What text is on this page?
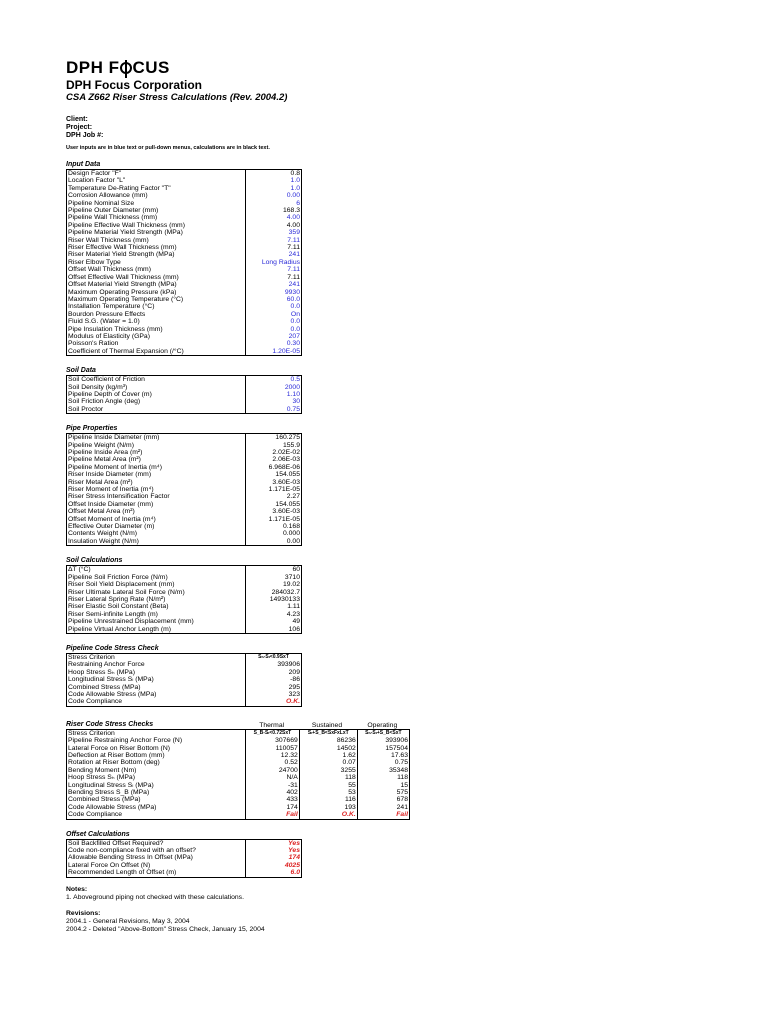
DPH F CUS
DPH Focus Corporation
CSA Z662 Riser Stress Calculations (Rev. 2004.2)
Client:
Project:
DPH Job #:
User inputs are in blue text or pull-down menus, calculations are in black text.
Input Data
Design Factor "F"	0.8
Location Factor "L"	1.0
Temperature De-Rating Factor "T"	1.0
Corrosion Allowance (mm)	0.00
Pipeline Nominal Size	6
Pipeline Outer Diameter (mm)	168.3
Pipeline Wall Thickness (mm)	4.00
Pipeline Effective Wall Thickness (mm)	4.00
Pipeline Material Yield Strength (MPa)	359
Riser Wall Thickness (mm)	7.11
Riser Effective Wall Thickness (mm)	7.11
Riser Material Yield Strength (MPa)	241
Riser Elbow Type	Long Radius
Offset Wall Thickness (mm)	7.11
Offset Effective Wall Thickness (mm)	7.11
Offset Material Yield Strength (MPa)	241
Maximum Operating Pressure (kPa)	9930
Maximum Operating Temperature (°C)	60.0
Installation Temperature (°C)	0.0
Bourdon Pressure Effects	On
Fluid S.G. (Water = 1.0)	0.0
Pipe Insulation Thickness (mm)	0.0
Modulus of Elasticity (GPa)	207
Poisson's Ration	0.30
Coefficient of Thermal Expansion (/°C)	1.20E-05
Soil Data
Soil Coefficient of Friction	0.5
Soil Density (kg/m³)	2000
Pipeline Depth of Cover (m)	1.10
Soil Friction Angle (deg)	30
Soil Proctor	0.75
Pipe Properties
Pipeline Inside Diameter (mm)	160.275
Pipeline Weight (N/m)	155.9
Pipeline Inside Area (m²)	2.02E-02
Pipeline Metal Area (m²)	2.06E-03
Pipeline Moment of Inertia (m⁴)	6.968E-06
Riser Inside Diameter (mm)	154.055
Riser Metal Area (m²)	3.60E-03
Riser Moment of Inertia (m⁴)	1.171E-05
Riser Stress Intensification Factor	2.27
Offset Inside Diameter (mm)	154.055
Offset Metal Area (m²)	3.60E-03
Offset Moment of Inertia (m⁴)	1.171E-05
Effective Outer Diameter (m)	0.168
Contents Weight (N/m)	0.000
Insulation Weight (N/m)	0.00
Soil Calculations
ΔT (°C)	60
Pipeline Soil Friction Force (N/m)	3710
Riser Soil Yield Displacement (mm)	19.02
Riser Ultimate Lateral Soil Force (N/m)	284032.7
Riser Lateral Spring Rate (N/m²)	14930133
Riser Elastic Soil Constant (Beta)	1.11
Riser Semi-infinite Length (m)	4.23
Pipeline Unrestrained Displacement (mm)	49
Pipeline Virtual Anchor Length (m)	106
Pipeline Code Stress Check
Stress Criterion	Sₕ-Sₗ<0.9SxT
Restraining Anchor Force	393906
Hoop Stress Sₕ (MPa)	209
Longitudinal Stress Sₗ (MPa)	-86
Combined Stress (MPa)	295
Code Allowable Stress (MPa)	323
Code Compliance	O.K.
Riser Code Stress Checks	Thermal	Sustained	Operating
Stress Criterion	S_B-Sₗ<0.72SxT	Sₗ+S_B<SxFxLxT	Sₕ-Sₗ+S_B<SxT
Pipeline Restraining Anchor Force (N)	307669	86236	393906
Lateral Force on Riser Bottom (N)	110057	14502	157504
Deflection at Riser Bottom (mm)	12.32	1.62	17.63
Rotation at Riser Bottom (deg)	0.52	0.07	0.75
Bending Moment (Nm)	24700	3255	35348
Hoop Stress Sₕ (MPa)	N/A	118	118
Longitudinal Stress Sₗ (MPa)	-31	55	15
Bending Stress S_B (MPa)	402	53	575
Combined Stress (MPa)	433	116	678
Code Allowable Stress (MPa)	174	193	241
Code Compliance	Fail	O.K.	Fail
Offset Calculations
Soil Backfilled Offset Required?	Yes
Code non-compliance fixed with an offset?	Yes
Allowable Bending Stress In Offset (MPa)	174
Lateral Force On Offset (N)	4025
Recommended Length of Offset (m)	6.0
Notes:
1. Aboveground piping not checked with these calculations.
Revisions:
2004.1 - General Revisions, May 3, 2004
2004.2 - Deleted "Above-Bottom" Stress Check, January 15, 2004
